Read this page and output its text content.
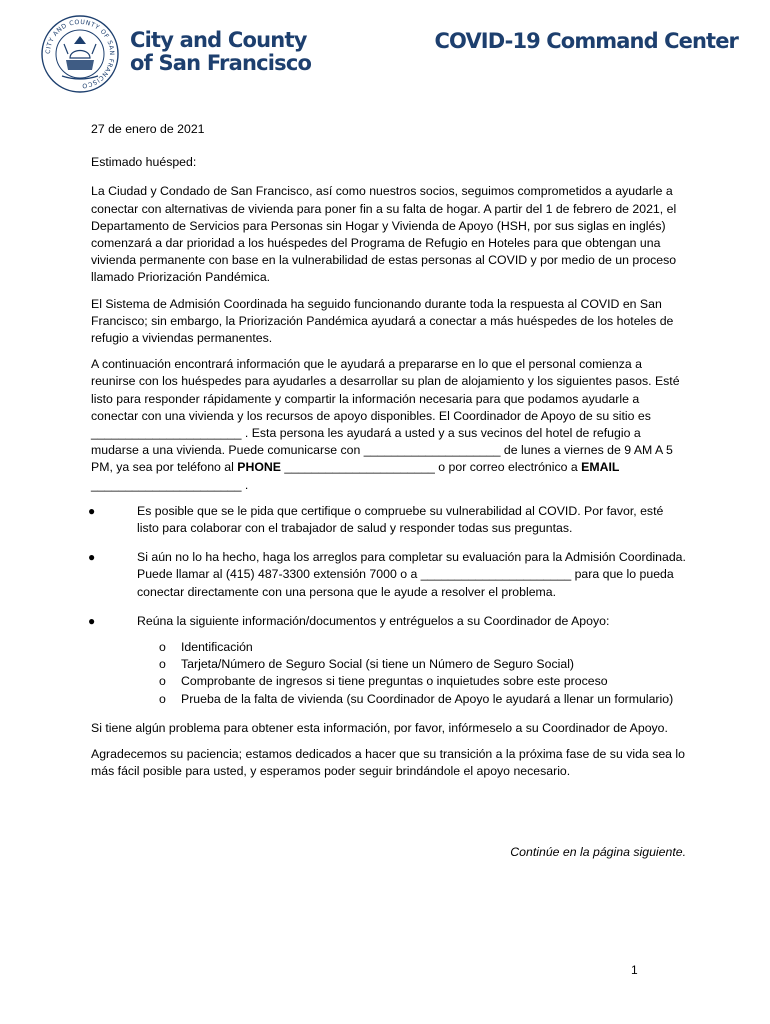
CITY AND COUNTY OF SAN FRANCISCO
City and County
of San Francisco
COVID-19 Command Center

27 de enero de 2021

Estimado huésped:

La Ciudad y Condado de San Francisco, así como nuestros socios, seguimos comprometidos a ayudarle a conectar con alternativas de vivienda para poner fin a su falta de hogar. A partir del 1 de febrero de 2021, el Departamento de Servicios para Personas sin Hogar y Vivienda de Apoyo (HSH, por sus siglas en inglés) comenzará a dar prioridad a los huéspedes del Programa de Refugio en Hoteles para que obtengan una vivienda permanente con base en la vulnerabilidad de estas personas al COVID y por medio de un proceso llamado Priorización Pandémica.

El Sistema de Admisión Coordinada ha seguido funcionando durante toda la respuesta al COVID en San Francisco; sin embargo, la Priorización Pandémica ayudará a conectar a más huéspedes de los hoteles de refugio a viviendas permanentes.

A continuación encontrará información que le ayudará a prepararse en lo que el personal comienza a reunirse con los huéspedes para ayudarles a desarrollar su plan de alojamiento y los siguientes pasos. Esté listo para responder rápidamente y compartir la información necesaria para que podamos ayudarle a conectar con una vivienda y los recursos de apoyo disponibles. El Coordinador de Apoyo de su sitio es ______________________ . Esta persona les ayudará a usted y a sus vecinos del hotel de refugio a mudarse a una vivienda. Puede comunicarse con ____________________ de lunes a viernes de 9 AM A 5 PM, ya sea por teléfono al PHONE ______________________ o por correo electrónico a EMAIL ______________________ .

●	Es posible que se le pida que certifique o compruebe su vulnerabilidad al COVID. Por favor, esté listo para colaborar con el trabajador de salud y responder todas sus preguntas.
●	Si aún no lo ha hecho, haga los arreglos para completar su evaluación para la Admisión Coordinada. Puede llamar al (415) 487-3300 extensión 7000 o a ______________________ para que lo pueda conectar directamente con una persona que le ayude a resolver el problema.
●	Reúna la siguiente información/documentos y entréguelos a su Coordinador de Apoyo:
o Identificación
o Tarjeta/Número de Seguro Social (si tiene un Número de Seguro Social)
o Comprobante de ingresos si tiene preguntas o inquietudes sobre este proceso
o Prueba de la falta de vivienda (su Coordinador de Apoyo le ayudará a llenar un formulario)

Si tiene algún problema para obtener esta información, por favor, infórmeselo a su Coordinador de Apoyo.

Agradecemos su paciencia; estamos dedicados a hacer que su transición a la próxima fase de su vida sea lo más fácil posible para usted, y esperamos poder seguir brindándole el apoyo necesario.

Continúe en la página siguiente.
1
